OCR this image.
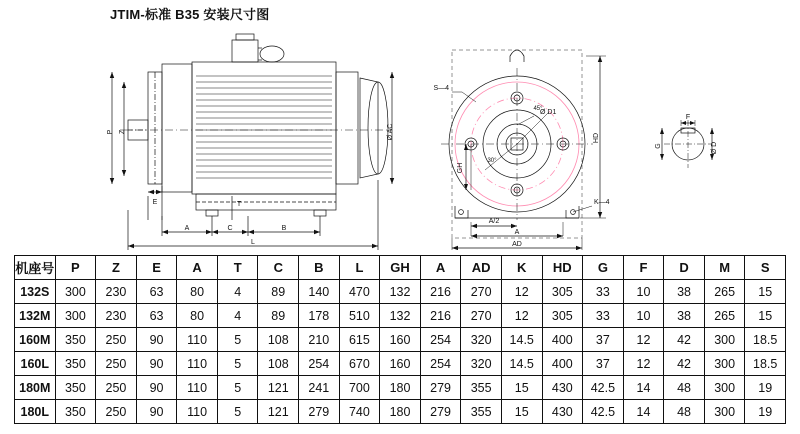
JTIM-标准 B35 安装尺寸图
P Z
E
A	C	B
L
T
Ø AC
S—4
45°
30°
Ø D1
GH
HD
A/2
A
AD
K—4
F
G	Ø D
机座号	P	Z	E	A	T	C	B	L	GH	A	AD	K	HD	G	F	D	M	S
132S	300	230	63	80	4	89	140	470	132	216	270	12	305	33	10	38	265	15
132M	300	230	63	80	4	89	178	510	132	216	270	12	305	33	10	38	265	15
160M	350	250	90	110	5	108	210	615	160	254	320	14.5	400	37	12	42	300	18.5
160L	350	250	90	110	5	108	254	670	160	254	320	14.5	400	37	12	42	300	18.5
180M	350	250	90	110	5	121	241	700	180	279	355	15	430	42.5	14	48	300	19
180L	350	250	90	110	5	121	279	740	180	279	355	15	430	42.5	14	48	300	19
